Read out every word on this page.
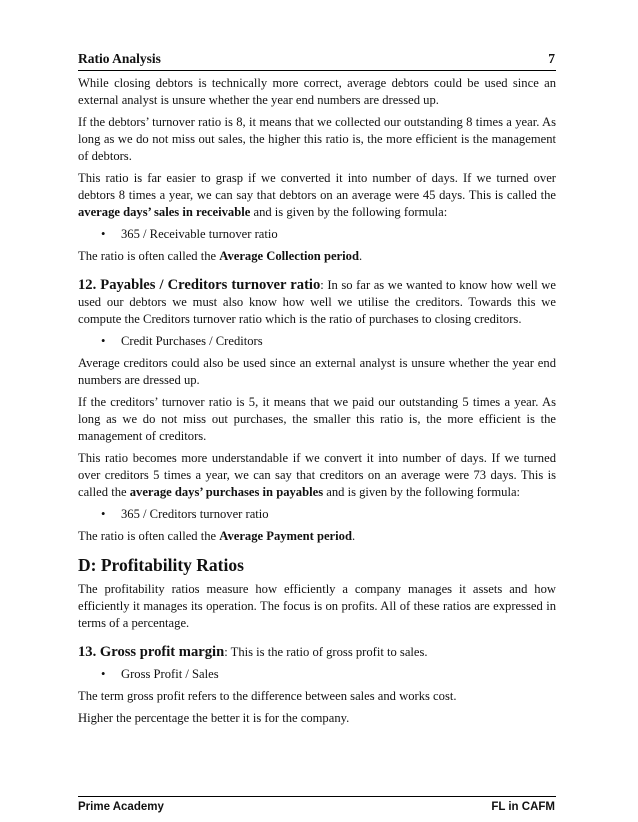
Ratio Analysis	7

While closing debtors is technically more correct, average debtors could be used since an external analyst is unsure whether the year end numbers are dressed up.

If the debtors’ turnover ratio is 8, it means that we collected our outstanding 8 times a year. As long as we do not miss out sales, the higher this ratio is, the more efficient is the management of debtors.

This ratio is far easier to grasp if we converted it into number of days. If we turned over debtors 8 times a year, we can say that debtors on an average were 45 days. This is called the average days’ sales in receivable and is given by the following formula:

• 365 / Receivable turnover ratio

The ratio is often called the Average Collection period.

12. Payables / Creditors turnover ratio: In so far as we wanted to know how well we used our debtors we must also know how well we utilise the creditors. Towards this we compute the Creditors turnover ratio which is the ratio of purchases to closing creditors.

• Credit Purchases / Creditors

Average creditors could also be used since an external analyst is unsure whether the year end numbers are dressed up.

If the creditors’ turnover ratio is 5, it means that we paid our outstanding 5 times a year. As long as we do not miss out purchases, the smaller this ratio is, the more efficient is the management of creditors.

This ratio becomes more understandable if we convert it into number of days. If we turned over creditors 5 times a year, we can say that creditors on an average were 73 days. This is called the average days’ purchases in payables and is given by the following formula:

• 365 / Creditors turnover ratio

The ratio is often called the Average Payment period.

D: Profitability Ratios

The profitability ratios measure how efficiently a company manages it assets and how efficiently it manages its operation. The focus is on profits. All of these ratios are expressed in terms of a percentage.

13. Gross profit margin: This is the ratio of gross profit to sales.

• Gross Profit / Sales

The term gross profit refers to the difference between sales and works cost.

Higher the percentage the better it is for the company.

Prime Academy	FL in CAFM
